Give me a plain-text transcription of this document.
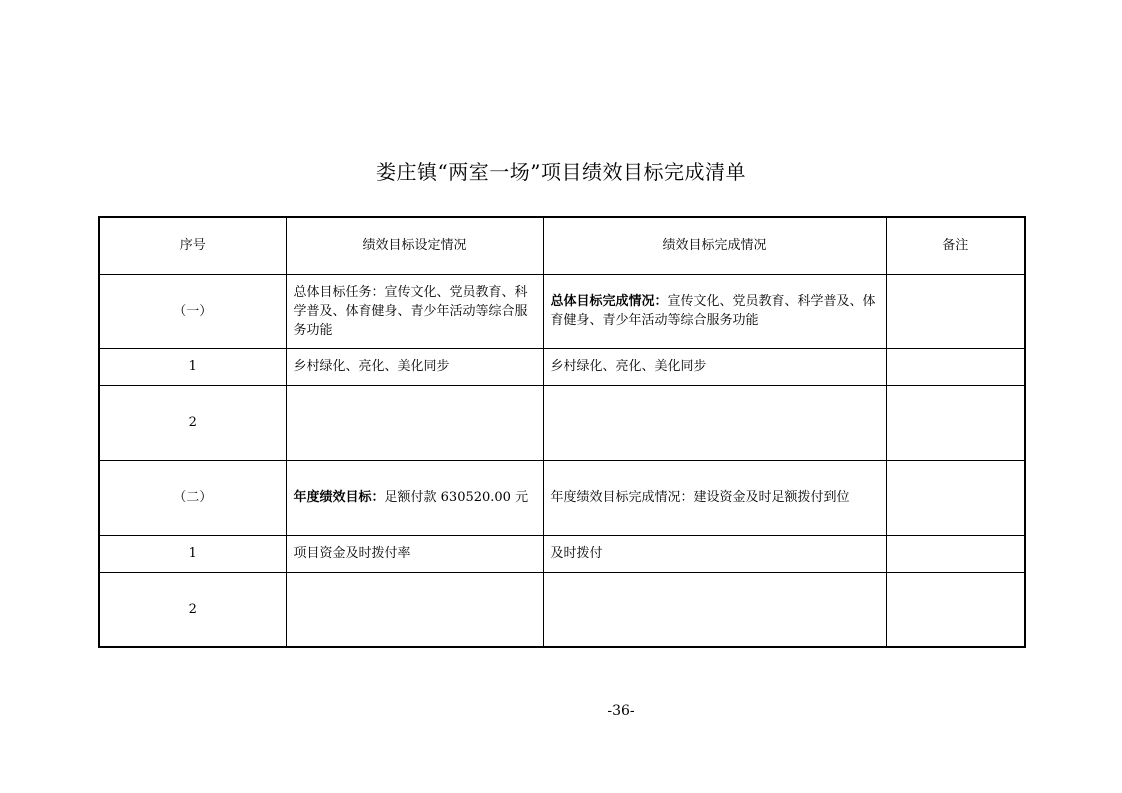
娄庄镇“两室一场”项目绩效目标完成清单
序号	绩效目标设定情况	绩效目标完成情况	备注
（一）	总体目标任务：宣传文化、党员教育、科学普及、体育健身、青少年活动等综合服务功能	总体目标完成情况：宣传文化、党员教育、科学普及、体育健身、青少年活动等综合服务功能	
1	乡村绿化、亮化、美化同步	乡村绿化、亮化、美化同步	
2			
（二）	年度绩效目标：足额付款 630520.00 元	年度绩效目标完成情况：建设资金及时足额拨付到位	
1	项目资金及时拨付率	及时拨付	
2			
-36-
